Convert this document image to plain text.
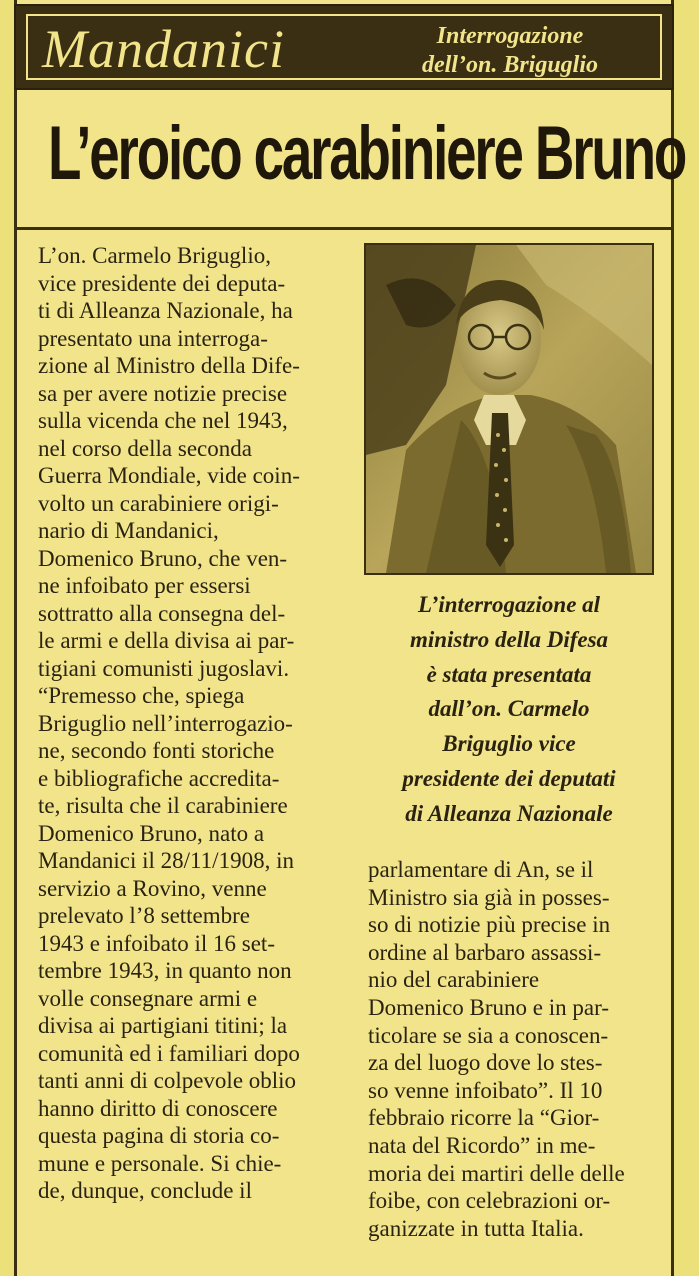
Mandanici	Interrogazione
dell’on. Briguglio
L’eroico carabiniere Bruno
L’on. Carmelo Briguglio,
vice presidente dei deputa-
ti di Alleanza Nazionale, ha
presentato una interroga-
zione al Ministro della Dife-
sa per avere notizie precise
sulla vicenda che nel 1943,
nel corso della seconda
Guerra Mondiale, vide coin-
volto un carabiniere origi-
nario di Mandanici,
Domenico Bruno, che ven-
ne infoibato per essersi
sottratto alla consegna del-
le armi e della divisa ai par-
tigiani comunisti jugoslavi.
“Premesso che, spiega
Briguglio nell’interrogazio-
ne, secondo fonti storiche
e bibliografiche accredita-
te, risulta che il carabiniere
Domenico Bruno, nato a
Mandanici il 28/11/1908, in
servizio a Rovino, venne
prelevato l’8 settembre
1943 e infoibato il 16 set-
tembre 1943, in quanto non
volle consegnare armi e
divisa ai partigiani titini; la
comunità ed i familiari dopo
tanti anni di colpevole oblio
hanno diritto di conoscere
questa pagina di storia co-
mune e personale. Si chie-
de, dunque, conclude il
L’interrogazione al
ministro della Difesa
è stata presentata
dall’on. Carmelo
Briguglio vice
presidente dei deputati
di Alleanza Nazionale
parlamentare di An, se il
Ministro sia già in posses-
so di notizie più precise in
ordine al barbaro assassi-
nio del carabiniere
Domenico Bruno e in par-
ticolare se sia a conoscen-
za del luogo dove lo stes-
so venne infoibato”. Il 10
febbraio ricorre la “Gior-
nata del Ricordo” in me-
moria dei martiri delle delle
foibe, con celebrazioni or-
ganizzate in tutta Italia.
